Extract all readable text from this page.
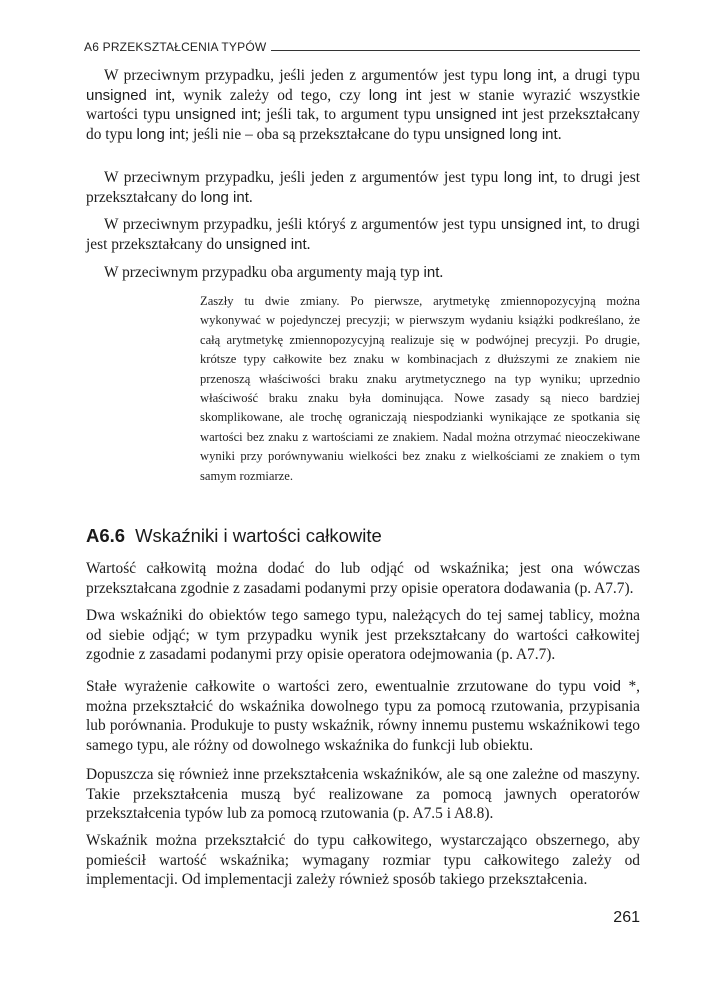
A6 PRZEKSZTAŁCENIA TYPÓW

W przeciwnym przypadku, jeśli jeden z argumentów jest typu long int, a drugi typu unsigned int, wynik zależy od tego, czy long int jest w stanie wyrazić wszystkie wartości typu unsigned int; jeśli tak, to argument typu unsigned int jest przekształcany do typu long int; jeśli nie – oba są przekształcane do typu unsigned long int.

W przeciwnym przypadku, jeśli jeden z argumentów jest typu long int, to drugi jest przekształcany do long int.

W przeciwnym przypadku, jeśli któryś z argumentów jest typu unsigned int, to drugi jest przekształcany do unsigned int.

W przeciwnym przypadku oba argumenty mają typ int.

Zaszły tu dwie zmiany. Po pierwsze, arytmetykę zmiennopozycyjną można wykonywać w pojedynczej precyzji; w pierwszym wydaniu książki podkreślano, że całą arytmetykę zmiennopozycyjną realizuje się w podwójnej precyzji. Po drugie, krótsze typy całkowite bez znaku w kombinacjach z dłuższymi ze znakiem nie przenoszą właściwości braku znaku arytmetycznego na typ wyniku; uprzednio właściwość braku znaku była dominująca. Nowe zasady są nieco bardziej skomplikowane, ale trochę ograniczają niespodzianki wynikające ze spotkania się wartości bez znaku z wartościami ze znakiem. Nadal można otrzymać nieoczekiwane wyniki przy porównywaniu wielkości bez znaku z wielkościami ze znakiem o tym samym rozmiarze.

A6.6 Wskaźniki i wartości całkowite

Wartość całkowitą można dodać do lub odjąć od wskaźnika; jest ona wówczas przekształcana zgodnie z zasadami podanymi przy opisie operatora dodawania (p. A7.7).

Dwa wskaźniki do obiektów tego samego typu, należących do tej samej tablicy, można od siebie odjąć; w tym przypadku wynik jest przekształcany do wartości całkowitej zgodnie z zasadami podanymi przy opisie operatora odejmowania (p. A7.7).

Stałe wyrażenie całkowite o wartości zero, ewentualnie zrzutowane do typu void *, można przekształcić do wskaźnika dowolnego typu za pomocą rzutowania, przypisania lub porównania. Produkuje to pusty wskaźnik, równy innemu pustemu wskaźnikowi tego samego typu, ale różny od dowolnego wskaźnika do funkcji lub obiektu.

Dopuszcza się również inne przekształcenia wskaźników, ale są one zależne od maszyny. Takie przekształcenia muszą być realizowane za pomocą jawnych operatorów przekształcenia typów lub za pomocą rzutowania (p. A7.5 i A8.8).

Wskaźnik można przekształcić do typu całkowitego, wystarczająco obszernego, aby pomieścił wartość wskaźnika; wymagany rozmiar typu całkowitego zależy od implementacji. Od implementacji zależy również sposób takiego przekształcenia.

261
